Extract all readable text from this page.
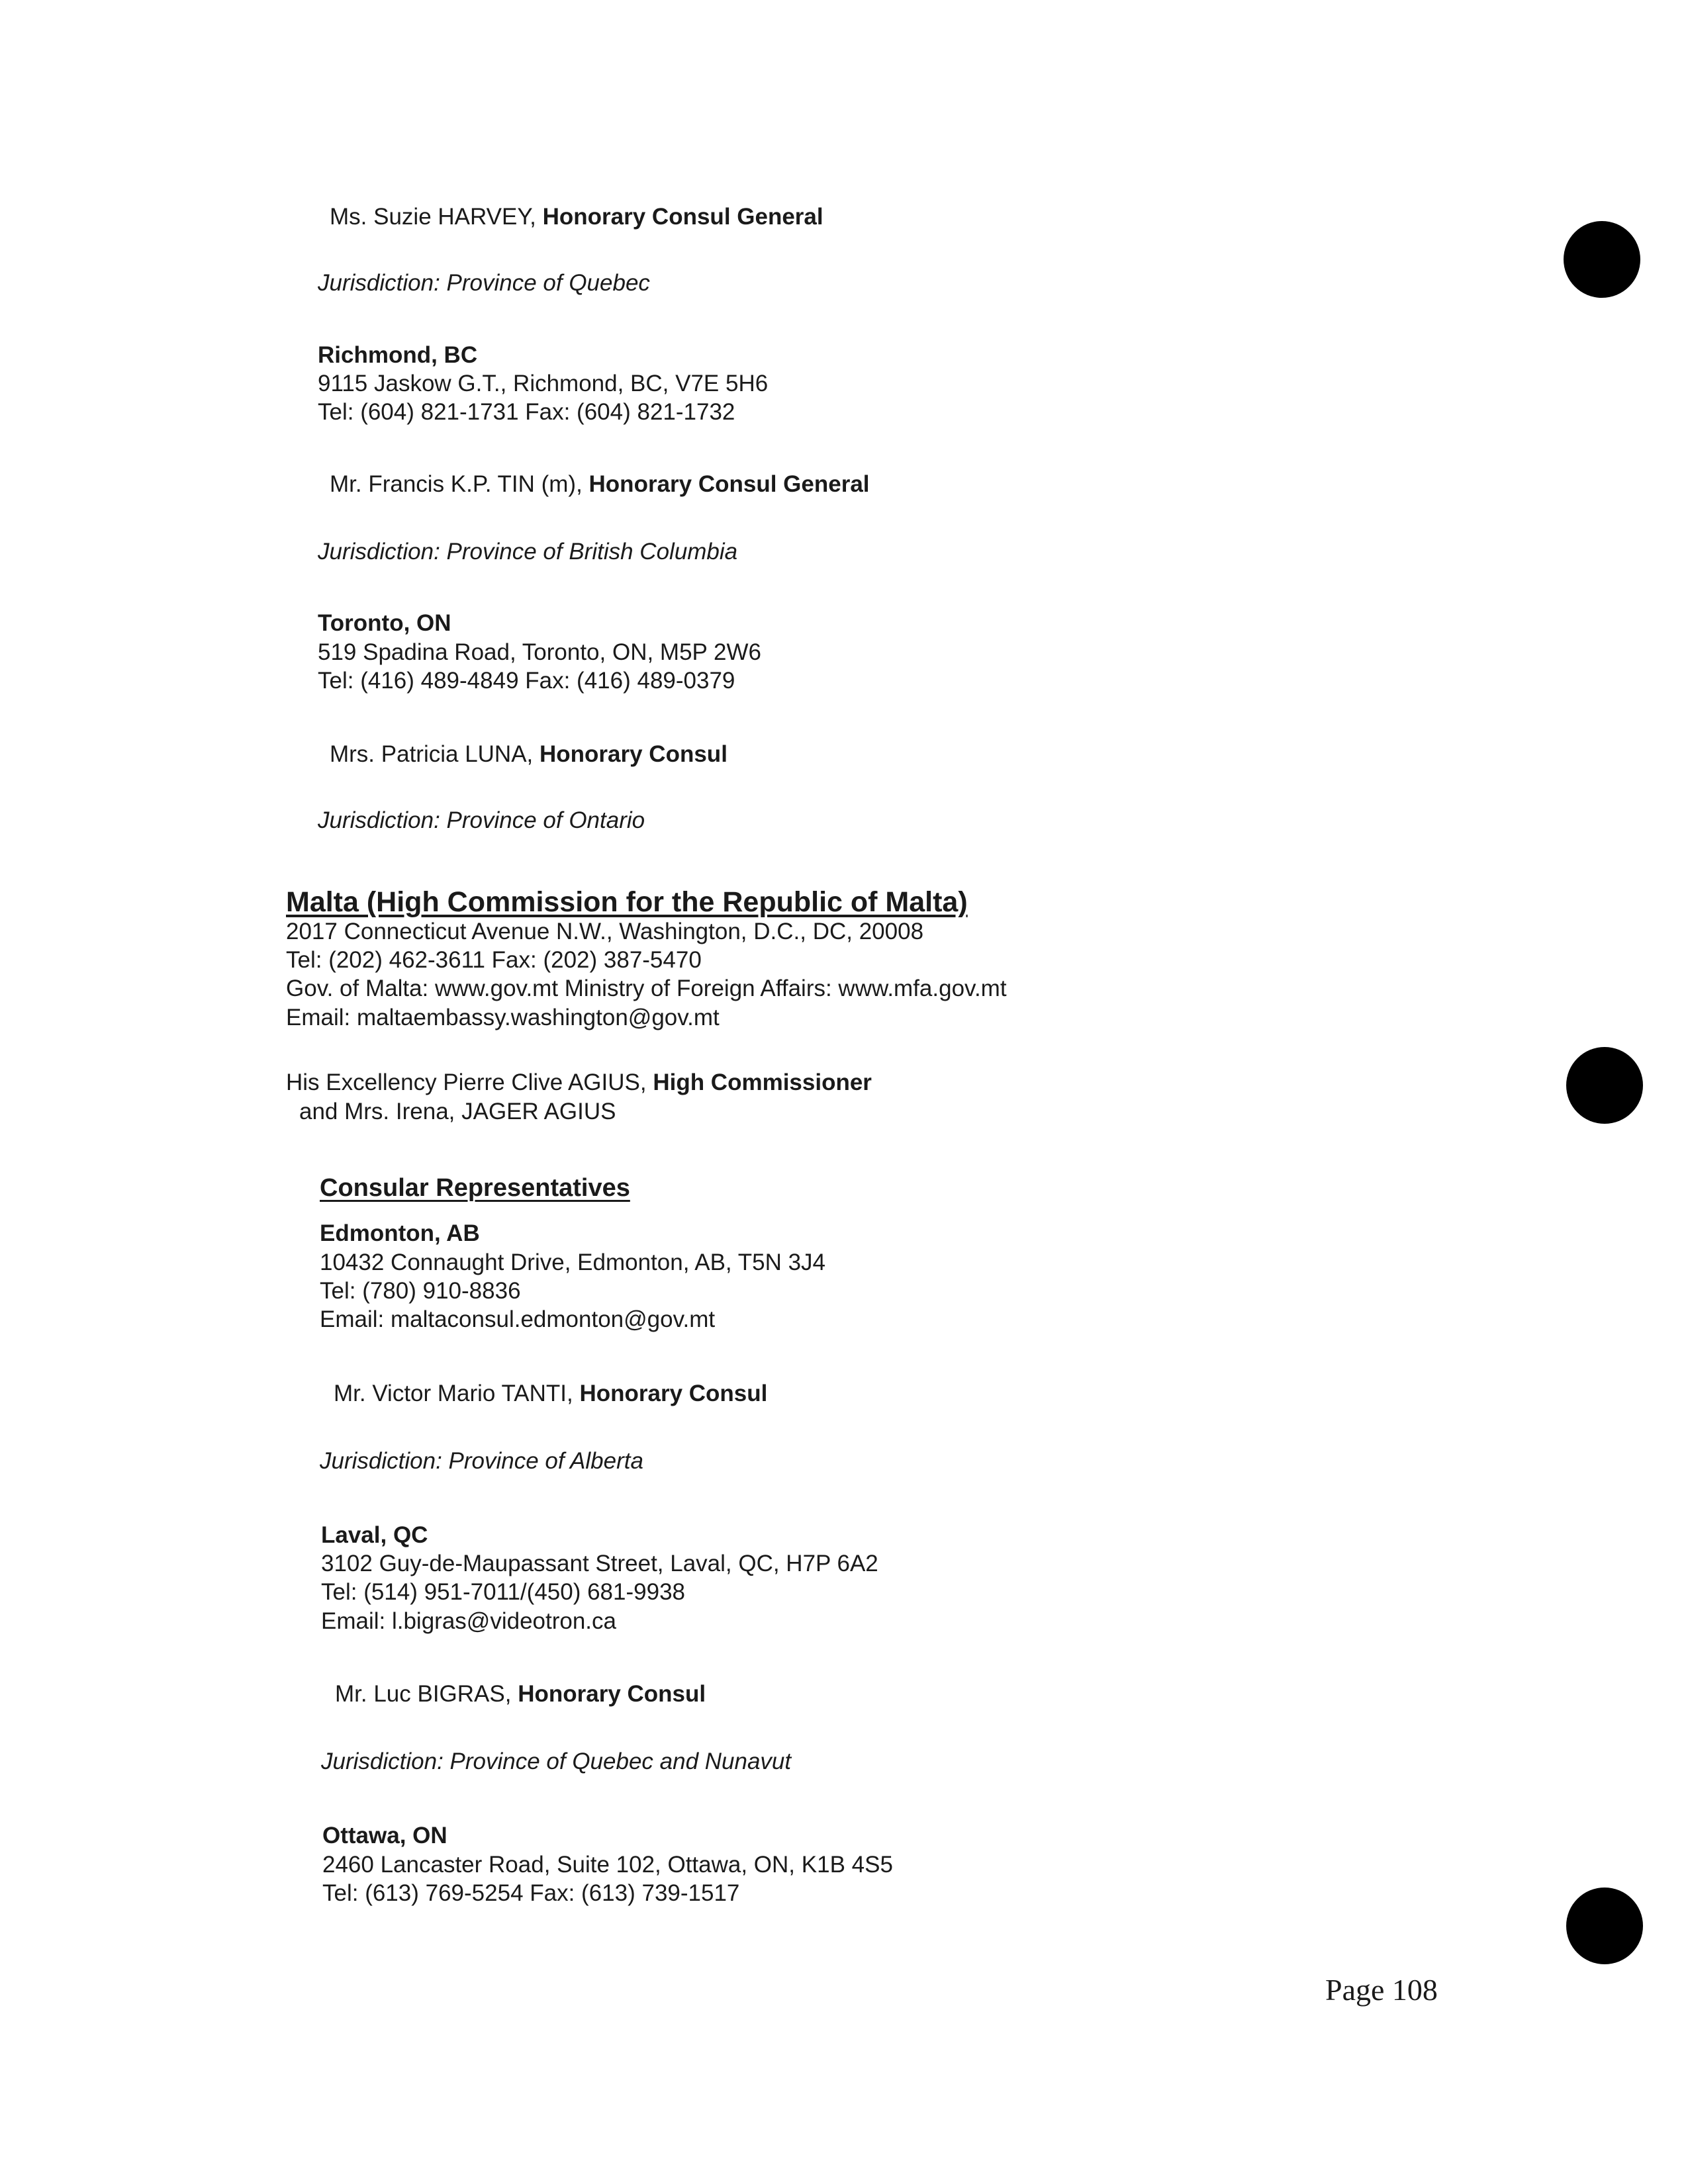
Ms. Suzie HARVEY, Honorary Consul General
Jurisdiction: Province of Quebec
Richmond, BC
9115 Jaskow G.T., Richmond, BC, V7E 5H6
Tel: (604) 821-1731 Fax: (604) 821-1732
Mr. Francis K.P. TIN (m), Honorary Consul General
Jurisdiction: Province of British Columbia
Toronto, ON
519 Spadina Road, Toronto, ON, M5P 2W6
Tel: (416) 489-4849 Fax: (416) 489-0379
Mrs. Patricia LUNA, Honorary Consul
Jurisdiction: Province of Ontario
Malta (High Commission for the Republic of Malta)
2017 Connecticut Avenue N.W., Washington, D.C., DC, 20008
Tel: (202) 462-3611 Fax: (202) 387-5470
Gov. of Malta: www.gov.mt Ministry of Foreign Affairs: www.mfa.gov.mt
Email: maltaembassy.washington@gov.mt
His Excellency Pierre Clive AGIUS, High Commissioner
and Mrs. Irena, JAGER AGIUS
Consular Representatives
Edmonton, AB
10432 Connaught Drive, Edmonton, AB, T5N 3J4
Tel: (780) 910-8836
Email: maltaconsul.edmonton@gov.mt
Mr. Victor Mario TANTI, Honorary Consul
Jurisdiction: Province of Alberta
Laval, QC
3102 Guy-de-Maupassant Street, Laval, QC, H7P 6A2
Tel: (514) 951-7011/(450) 681-9938
Email: l.bigras@videotron.ca
Mr. Luc BIGRAS, Honorary Consul
Jurisdiction: Province of Quebec and Nunavut
Ottawa, ON
2460 Lancaster Road, Suite 102, Ottawa, ON, K1B 4S5
Tel: (613) 769-5254 Fax: (613) 739-1517
Page 108
